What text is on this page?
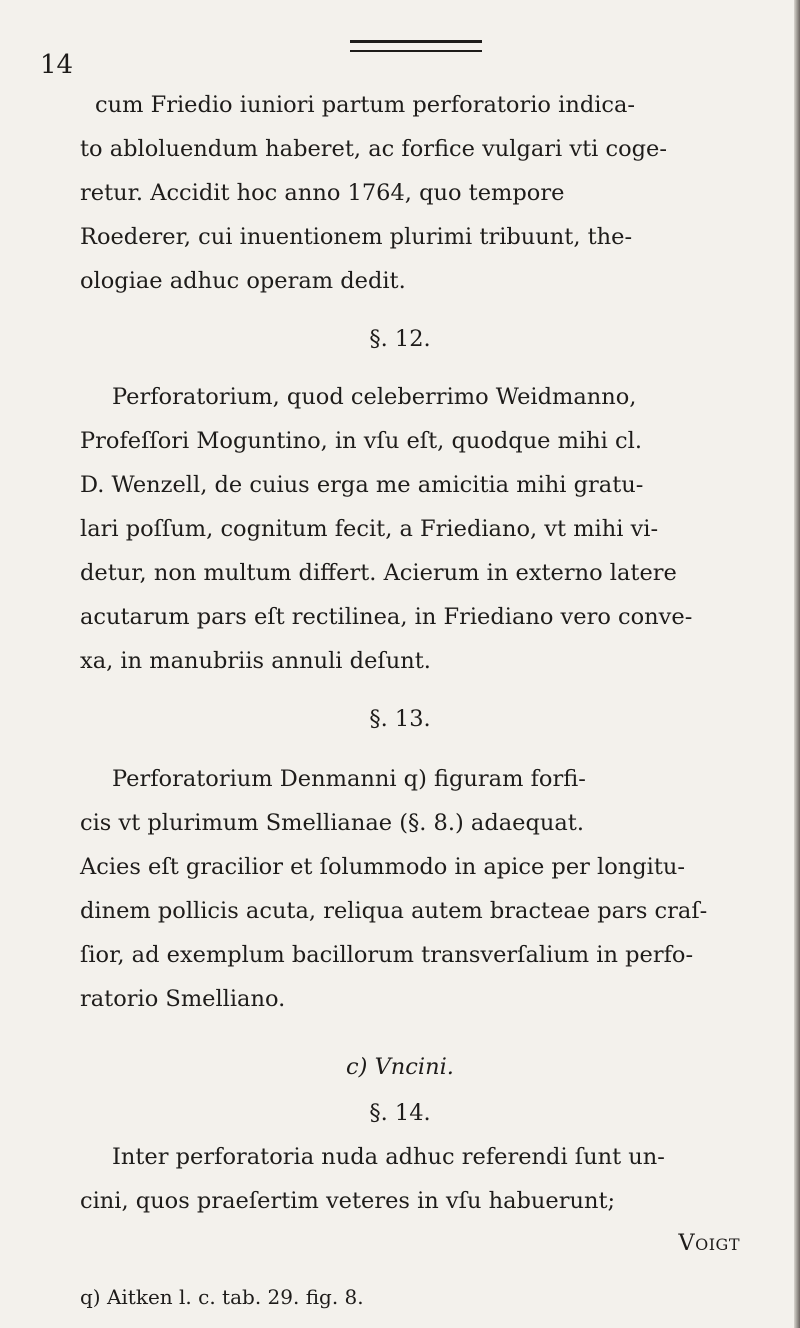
14
cum Friedio iuniori partum perforatorio indica-
to abloluendum haberet, ac forfice vulgari vti coge-
retur. Accidit hoc anno 1764, quo tempore
Roederer, cui inuentionem plurimi tribuunt, the-
ologiae adhuc operam dedit.
§. 12.
Perforatorium, quod celeberrimo Weidmanno,
Profeſſori Moguntino, in vſu eſt, quodque mihi cl.
D. Wenzell, de cuius erga me amicitia mihi gratu-
lari poſſum, cognitum fecit, a Friediano, vt mihi vi-
detur, non multum differt. Acierum in externo latere
acutarum pars eſt rectilinea, in Friediano vero conve-
xa, in manubriis annuli deſunt.
§. 13.
Perforatorium Denmanni q) figuram forfi-
cis vt plurimum Smellianae (§. 8.) adaequat.
Acies eſt gracilior et ſolummodo in apice per longitu-
dinem pollicis acuta, reliqua autem bracteae pars craſ-
ſior, ad exemplum bacillorum transverſalium in perfo-
ratorio Smelliano.
c) Vncini.
§. 14.
Inter perforatoria nuda adhuc referendi ſunt un-
cini, quos praeſertim veteres in vſu habuerunt;
Voigt
q) Aitken l. c. tab. 29. fig. 8.
